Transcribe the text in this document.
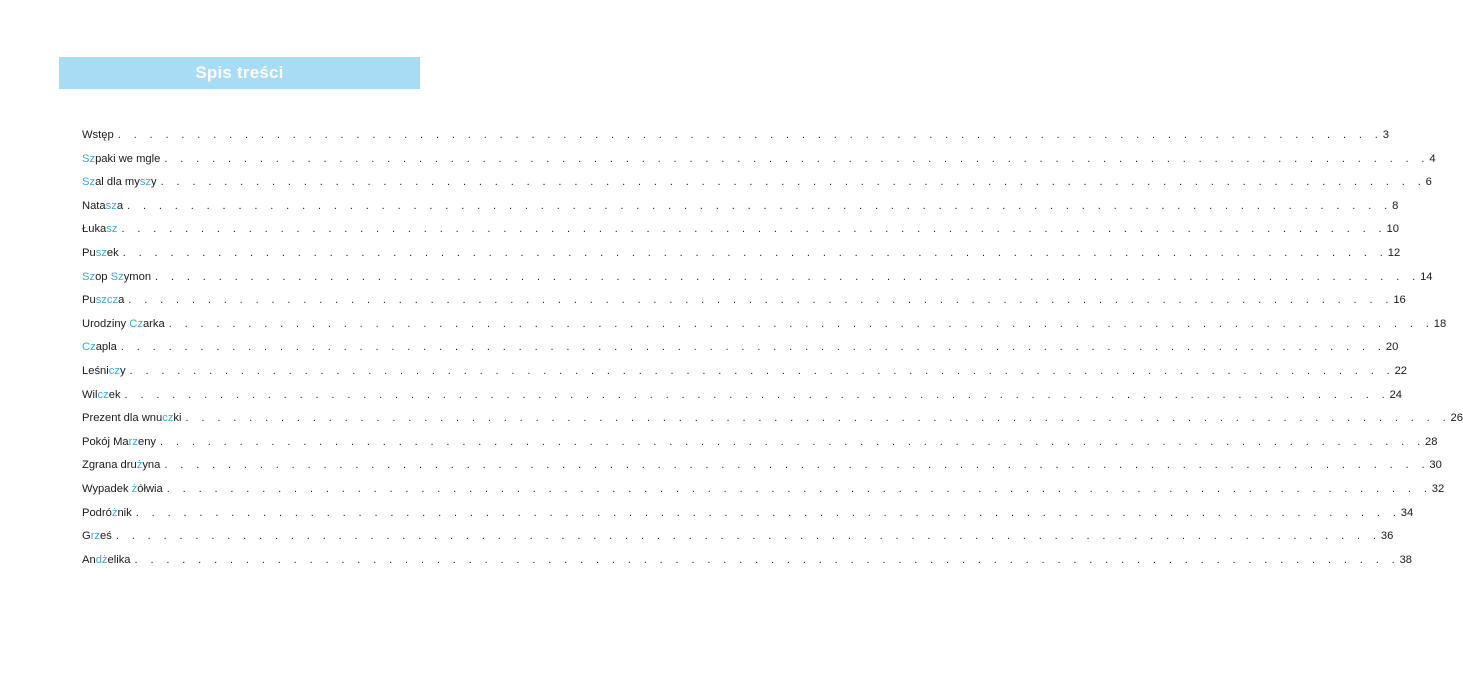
Spis treści
Wstęp . . . . . . . . . . . . . . . . . . . . . . . . . . . . . . . . . . . . . . . . . . . . . . . . . . . . . . . . . . . . . . . . . . . . . . . . . . . . . . . . 3
Szpaki we mgle . . . . . . . . . . . . . . . . . . . . . . . . . . . . . . . . . . . . . . . . . . . . . . . . . . . . . . . . . . . . . . . . . . . . . . . . . . . . . . . . 4
Szal dla myszy . . . . . . . . . . . . . . . . . . . . . . . . . . . . . . . . . . . . . . . . . . . . . . . . . . . . . . . . . . . . . . . . . . . . . . . . . . . . . . . . 6
Natasza . . . . . . . . . . . . . . . . . . . . . . . . . . . . . . . . . . . . . . . . . . . . . . . . . . . . . . . . . . . . . . . . . . . . . . . . . . . . . . . . 8
Łukasz . . . . . . . . . . . . . . . . . . . . . . . . . . . . . . . . . . . . . . . . . . . . . . . . . . . . . . . . . . . . . . . . . . . . . . . . . . . . . . . . 10
Puszek . . . . . . . . . . . . . . . . . . . . . . . . . . . . . . . . . . . . . . . . . . . . . . . . . . . . . . . . . . . . . . . . . . . . . . . . . . . . . . . . 12
Szop Szymon . . . . . . . . . . . . . . . . . . . . . . . . . . . . . . . . . . . . . . . . . . . . . . . . . . . . . . . . . . . . . . . . . . . . . . . . . . . . . . . . 14
Puszcza . . . . . . . . . . . . . . . . . . . . . . . . . . . . . . . . . . . . . . . . . . . . . . . . . . . . . . . . . . . . . . . . . . . . . . . . . . . . . . . . 16
Urodziny Czarka . . . . . . . . . . . . . . . . . . . . . . . . . . . . . . . . . . . . . . . . . . . . . . . . . . . . . . . . . . . . . . . . . . . . . . . . . . . . . . . . 18
Czapla . . . . . . . . . . . . . . . . . . . . . . . . . . . . . . . . . . . . . . . . . . . . . . . . . . . . . . . . . . . . . . . . . . . . . . . . . . . . . . . . 20
Leśniczy . . . . . . . . . . . . . . . . . . . . . . . . . . . . . . . . . . . . . . . . . . . . . . . . . . . . . . . . . . . . . . . . . . . . . . . . . . . . . . . . 22
Wilczek . . . . . . . . . . . . . . . . . . . . . . . . . . . . . . . . . . . . . . . . . . . . . . . . . . . . . . . . . . . . . . . . . . . . . . . . . . . . . . . . 24
Prezent dla wnuczki . . . . . . . . . . . . . . . . . . . . . . . . . . . . . . . . . . . . . . . . . . . . . . . . . . . . . . . . . . . . . . . . . . . . . . . . . . . . . . . . 26
Pokój Marzeny . . . . . . . . . . . . . . . . . . . . . . . . . . . . . . . . . . . . . . . . . . . . . . . . . . . . . . . . . . . . . . . . . . . . . . . . . . . . . . . . 28
Zgrana drużyna . . . . . . . . . . . . . . . . . . . . . . . . . . . . . . . . . . . . . . . . . . . . . . . . . . . . . . . . . . . . . . . . . . . . . . . . . . . . . . . . 30
Wypadek żółwia . . . . . . . . . . . . . . . . . . . . . . . . . . . . . . . . . . . . . . . . . . . . . . . . . . . . . . . . . . . . . . . . . . . . . . . . . . . . . . . . 32
Podróżnik . . . . . . . . . . . . . . . . . . . . . . . . . . . . . . . . . . . . . . . . . . . . . . . . . . . . . . . . . . . . . . . . . . . . . . . . . . . . . . . . 34
Grześ . . . . . . . . . . . . . . . . . . . . . . . . . . . . . . . . . . . . . . . . . . . . . . . . . . . . . . . . . . . . . . . . . . . . . . . . . . . . . . . . 36
Andżelika . . . . . . . . . . . . . . . . . . . . . . . . . . . . . . . . . . . . . . . . . . . . . . . . . . . . . . . . . . . . . . . . . . . . . . . . . . . . . . . . 38
